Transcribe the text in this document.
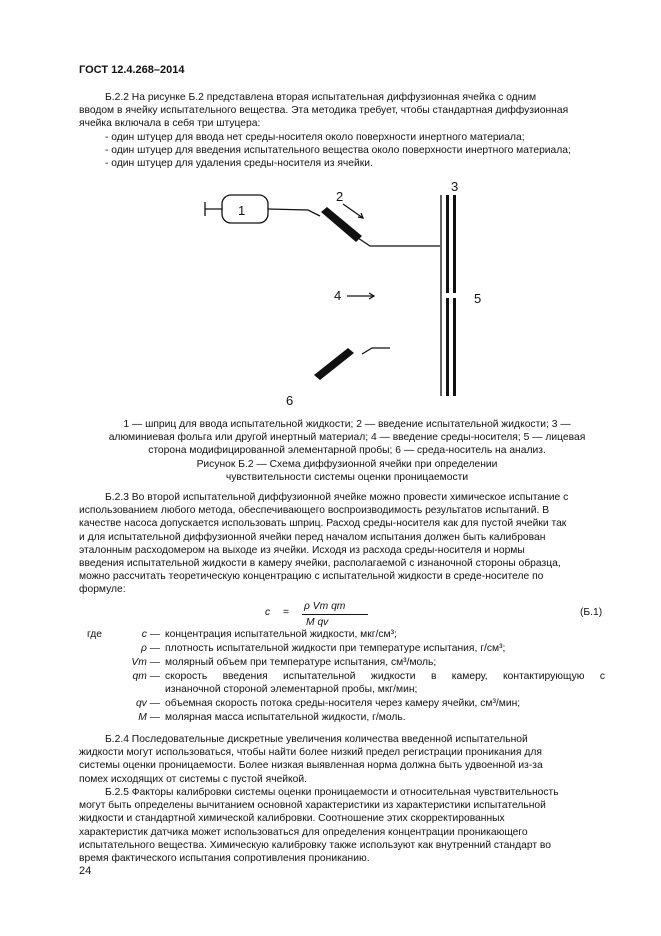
ГОСТ 12.4.268–2014
Б.2.2 На рисунке Б.2 представлена вторая испытательная диффузионная ячейка с одним
вводом в ячейку испытательного вещества. Эта методика требует, чтобы стандартная диффузионная
ячейка включала в себя три штуцера:
- один штуцер для ввода нет среды-носителя около поверхности инертного материала;
- один штуцер для введения испытательного вещества около поверхности инертного материала;
- один штуцер для удаления среды-носителя из ячейки.
1
2
3
4	5
6
1 — шприц для ввода испытательной жидкости; 2 — введение испытательной жидкости; 3 —
алюминиевая фольга или другой инертный материал; 4 — введение среды-носителя; 5 — лицевая
сторона модифицированной элементарной пробы; 6 — среда-носитель на анализ.
Рисунок Б.2 — Схема диффузионной ячейки при определении
чувствительности системы оценки проницаемости
Б.2.3 Во второй испытательной диффузионной ячейке можно провести химическое испытание с
использованием любого метода, обеспечивающего воспроизводимость результатов испытаний. В
качестве насоса допускается использовать шприц. Расход среды-носителя как для пустой ячейки так
и для испытательной диффузионной ячейки перед началом испытания должен быть калиброван
эталонным расходомером на выходе из ячейки. Исходя из расхода среды-носителя и нормы
введения испытательной жидкости в камеру ячейки, располагаемой с изнаночной стороны образца,
можно рассчитать теоретическую концентрацию с испытательной жидкости в среде-носителе по
формуле:
c =
ρ Vm qm
M qv
(Б.1)
где	c — концентрация испытательной жидкости, мкг/см³;
ρ — плотность испытательной жидкости при температуре испытания, г/см³;
Vm — молярный объем при температуре испытания, см³/моль;
qm — скорость введения испытательной жидкости в камеру, контактирующую с
изнаночной стороной элементарной пробы, мкг/мин;
qv — объемная скорость потока среды-носителя через камеру ячейки, см³/мин;
M — молярная масса испытательной жидкости, г/моль.
Б.2.4 Последовательные дискретные увеличения количества введенной испытательной
жидкости могут использоваться, чтобы найти более низкий предел регистрации проникания для
системы оценки проницаемости. Более низкая выявленная норма должна быть удвоенной из-за
помех исходящих от системы с пустой ячейкой.
Б.2.5 Факторы калибровки системы оценки проницаемости и относительная чувствительность
могут быть определены вычитанием основной характеристики из характеристики испытательной
жидкости и стандартной химической калибровки. Соотношение этих скорректированных
характеристик датчика может использоваться для определения концентрации проникающего
испытательного вещества. Химическую калибровку также используют как внутренний стандарт во
время фактического испытания сопротивления прониканию.
24
